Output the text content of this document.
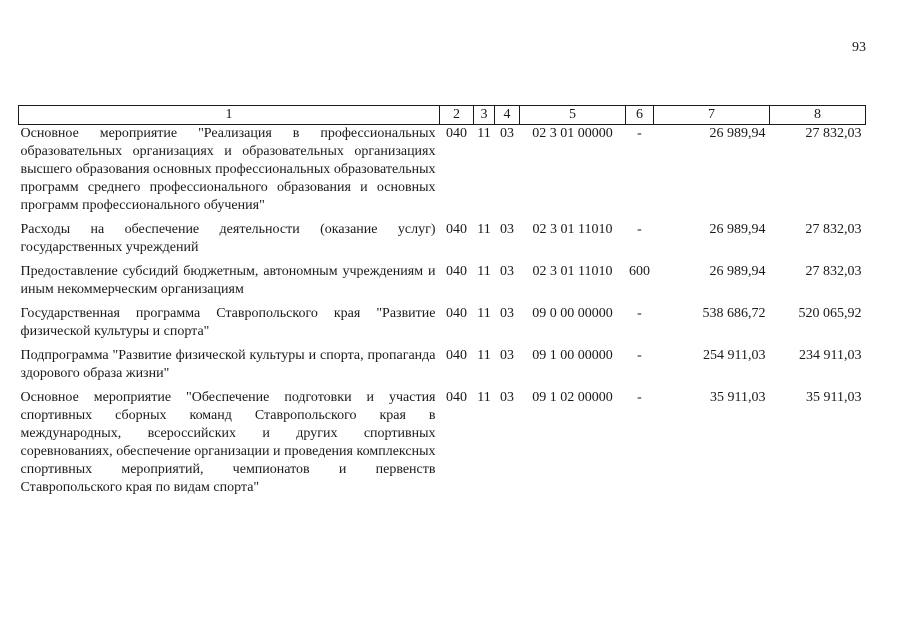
93
1	2	3	4	5	6	7	8
Основное мероприятие "Реализация в профессиональных образовательных организациях и образовательных организациях высшего образования основных профессиональных образовательных программ среднего профессионального образования и основных программ профессионального обучения"	040	11	03	02 3 01 00000	-	26 989,94	27 832,03
Расходы на обеспечение деятельности (оказание услуг) государственных учреждений	040	11	03	02 3 01 11010	-	26 989,94	27 832,03
Предоставление субсидий бюджетным, автономным учреждениям и иным некоммерческим организациям	040	11	03	02 3 01 11010	600	26 989,94	27 832,03
Государственная программа Ставропольского края "Развитие физической культуры и спорта"	040	11	03	09 0 00 00000	-	538 686,72	520 065,92
Подпрограмма "Развитие физической культуры и спорта, пропаганда здорового образа жизни"	040	11	03	09 1 00 00000	-	254 911,03	234 911,03
Основное мероприятие "Обеспечение подготовки и участия спортивных сборных команд Ставропольского края в международных, всероссийских и других спортивных соревнованиях, обеспечение организации и проведения комплексных спортивных мероприятий, чемпионатов и первенств Ставропольского края по видам спорта"	040	11	03	09 1 02 00000	-	35 911,03	35 911,03
